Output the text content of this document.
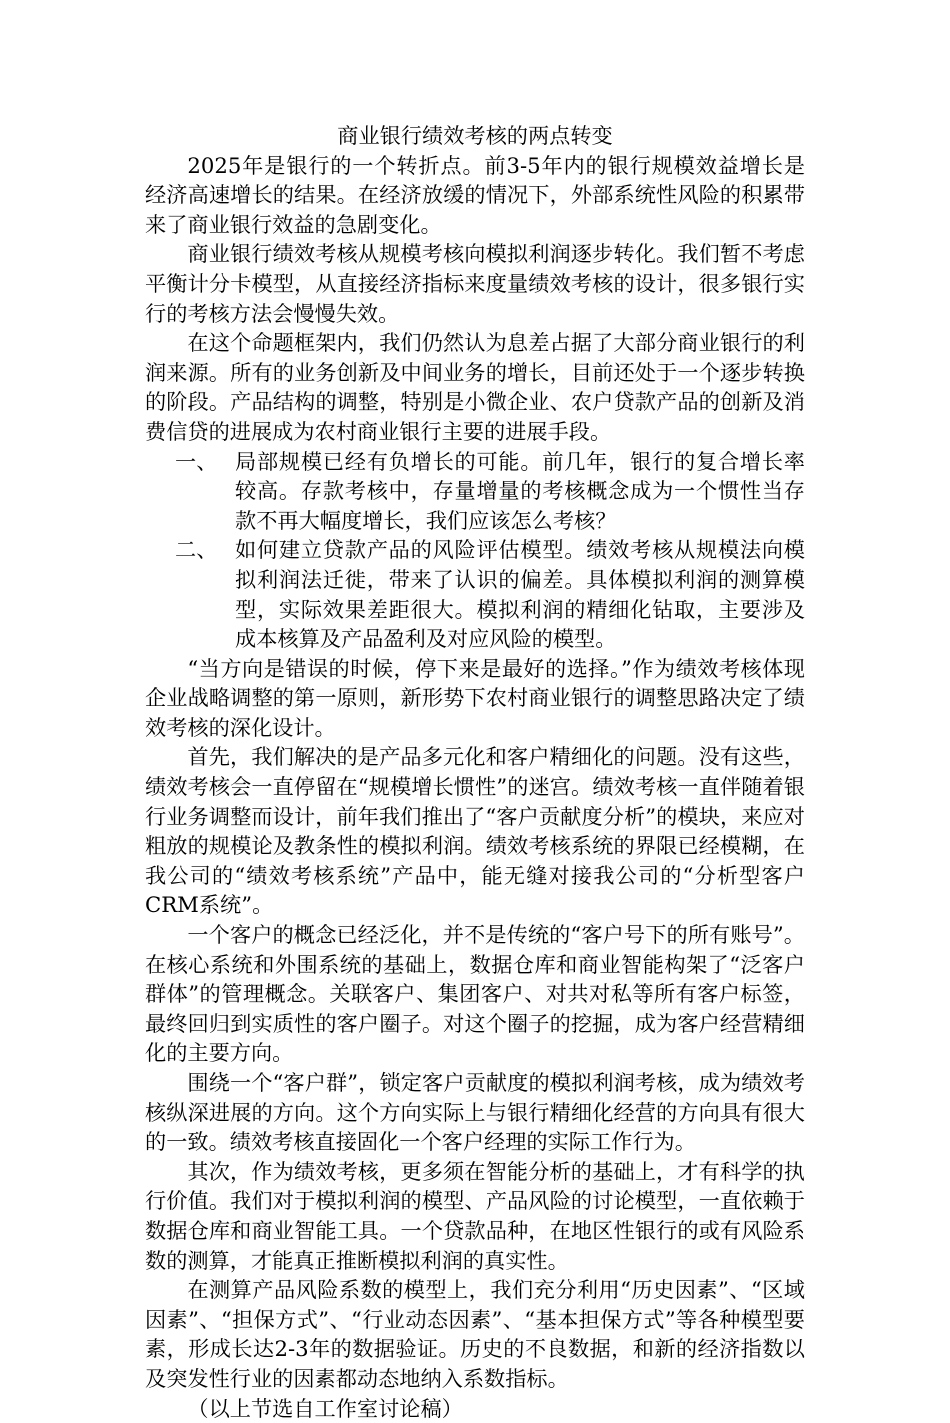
商业银行绩效考核的两点转变

2025年是银行的一个转折点。前3-5年内的银行规模效益增长是经济高速增长的结果。在经济放缓的情况下，外部系统性风险的积累带来了商业银行效益的急剧变化。

商业银行绩效考核从规模考核向模拟利润逐步转化。我们暂不考虑平衡计分卡模型，从直接经济指标来度量绩效考核的设计，很多银行实行的考核方法会慢慢失效。

在这个命题框架内，我们仍然认为息差占据了大部分商业银行的利润来源。所有的业务创新及中间业务的增长，目前还处于一个逐步转换的阶段。产品结构的调整，特别是小微企业、农户贷款产品的创新及消费信贷的进展成为农村商业银行主要的进展手段。

一、 局部规模已经有负增长的可能。前几年，银行的复合增长率较高。存款考核中，存量增量的考核概念成为一个惯性当存款不再大幅度增长，我们应该怎么考核？
二、 如何建立贷款产品的风险评估模型。绩效考核从规模法向模拟利润法迁徙，带来了认识的偏差。具体模拟利润的测算模型，实际效果差距很大。模拟利润的精细化钻取，主要涉及成本核算及产品盈利及对应风险的模型。

“当方向是错误的时候，停下来是最好的选择。”作为绩效考核体现企业战略调整的第一原则，新形势下农村商业银行的调整思路决定了绩效考核的深化设计。

首先，我们解决的是产品多元化和客户精细化的问题。没有这些，绩效考核会一直停留在“规模增长惯性”的迷宫。绩效考核一直伴随着银行业务调整而设计，前年我们推出了“客户贡献度分析”的模块，来应对粗放的规模论及教条性的模拟利润。绩效考核系统的界限已经模糊，在我公司的“绩效考核系统”产品中，能无缝对接我公司的“分析型客户CRM系统”。

一个客户的概念已经泛化，并不是传统的“客户号下的所有账号”。在核心系统和外围系统的基础上，数据仓库和商业智能构架了“泛客户群体”的管理概念。关联客户、集团客户、对共对私等所有客户标签，最终回归到实质性的客户圈子。对这个圈子的挖掘，成为客户经营精细化的主要方向。

围绕一个“客户群”，锁定客户贡献度的模拟利润考核，成为绩效考核纵深进展的方向。这个方向实际上与银行精细化经营的方向具有很大的一致。绩效考核直接固化一个客户经理的实际工作行为。

其次，作为绩效考核，更多须在智能分析的基础上，才有科学的执行价值。我们对于模拟利润的模型、产品风险的讨论模型，一直依赖于数据仓库和商业智能工具。一个贷款品种，在地区性银行的或有风险系数的测算，才能真正推断模拟利润的真实性。

在测算产品风险系数的模型上，我们充分利用“历史因素”、“区域因素”、“担保方式”、“行业动态因素”、“基本担保方式”等各种模型要素，形成长达2-3年的数据验证。历史的不良数据，和新的经济指数以及突发性行业的因素都动态地纳入系数指标。

（以上节选自工作室讨论稿）
